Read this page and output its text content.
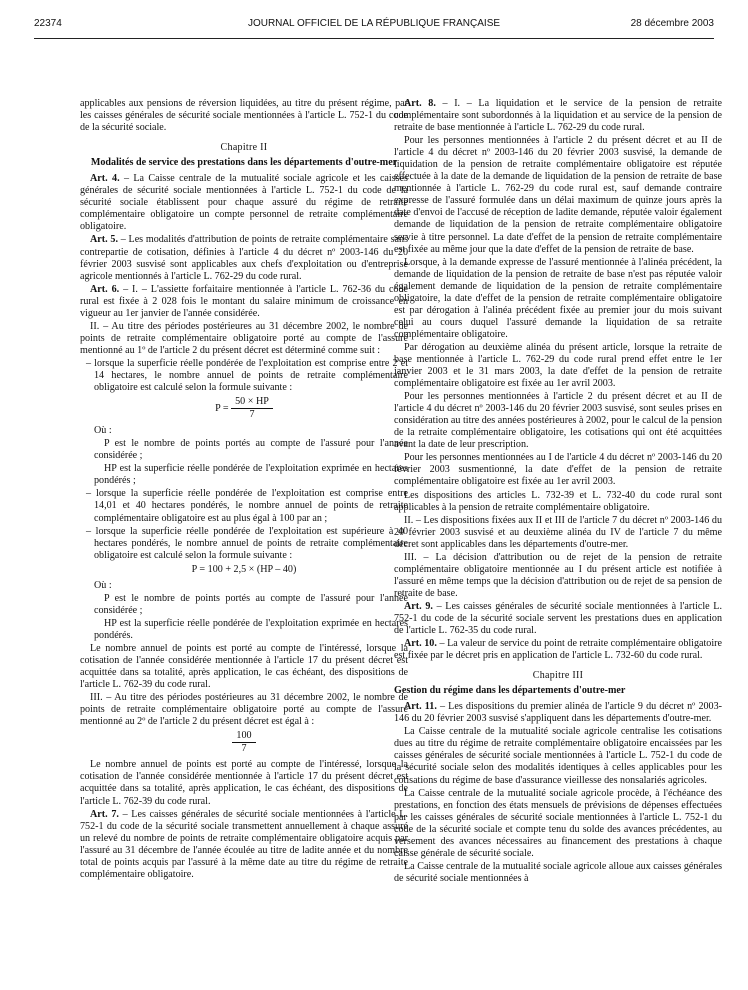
22374	JOURNAL OFFICIEL DE LA RÉPUBLIQUE FRANÇAISE	28 décembre 2003

applicables aux pensions de réversion liquidées, au titre du présent régime, par les caisses générales de sécurité sociale mentionnées à l'article L. 752-1 du code de la sécurité sociale.

Chapitre II
Modalités de service des prestations dans les départements d'outre-mer

Art. 4. – La Caisse centrale de la mutualité sociale agricole et les caisses générales de sécurité sociale mentionnées à l'article L. 752-1 du code de la sécurité sociale établissent pour chaque assuré du régime de retraite complémentaire obligatoire un compte personnel de retraite complémentaire obligatoire.

Art. 5. – Les modalités d'attribution de points de retraite complémentaire sans contrepartie de cotisation, définies à l'article 4 du décret nº 2003-146 du 20 février 2003 susvisé sont applicables aux chefs d'exploitation ou d'entreprise agricole mentionnés à l'article L. 762-29 du code rural.

Art. 6. – I. – L'assiette forfaitaire mentionnée à l'article L. 762-36 du code rural est fixée à 2 028 fois le montant du salaire minimum de croissance en vigueur au 1er janvier de l'année considérée.

II. – Au titre des périodes postérieures au 31 décembre 2002, le nombre de points de retraite complémentaire obligatoire porté au compte de l'assuré mentionné au 1º de l'article 2 du présent décret est déterminé comme suit :

– lorsque la superficie réelle pondérée de l'exploitation est comprise entre 2 et 14 hectares, le nombre annuel de points de retraite complémentaire obligatoire est calculé selon la formule suivante :

$P = \frac{50 \times HP}{7}$

Où :

P est le nombre de points portés au compte de l'assuré pour l'année considérée ;

HP est la superficie réelle pondérée de l'exploitation exprimée en hectares pondérés ;

– lorsque la superficie réelle pondérée de l'exploitation est comprise entre 14,01 et 40 hectares pondérés, le nombre annuel de points de retraite complémentaire obligatoire est au plus égal à 100 par an ;

– lorsque la superficie réelle pondérée de l'exploitation est supérieure à 40 hectares pondérés, le nombre annuel de points de retraite complémentaire obligatoire est calculé selon la formule suivante :

P = 100 + 2,5 × (HP – 40)

Où :

P est le nombre de points portés au compte de l'assuré pour l'année considérée ;

HP est la superficie réelle pondérée de l'exploitation exprimée en hectares pondérés.

Le nombre annuel de points est porté au compte de l'intéressé, lorsque la cotisation de l'année considérée mentionnée à l'article 17 du présent décret est acquittée dans sa totalité, après application, le cas échéant, des dispositions de l'article L. 762-39 du code rural.

III. – Au titre des périodes postérieures au 31 décembre 2002, le nombre de points de retraite complémentaire obligatoire porté au compte de l'assuré mentionné au 2º de l'article 2 du présent décret est égal à :

$\frac{100}{7}$

Le nombre annuel de points est porté au compte de l'intéressé, lorsque la cotisation de l'année considérée mentionnée à l'article 17 du présent décret est acquittée dans sa totalité, après application, le cas échéant, des dispositions de l'article L. 762-39 du code rural.

Art. 7. – Les caisses générales de sécurité sociale mentionnées à l'article L. 752-1 du code de la sécurité sociale transmettent annuellement à chaque assuré un relevé du nombre de points de retraite complémentaire obligatoire acquis par l'assuré au 31 décembre de l'année écoulée au titre de ladite année et du nombre total de points acquis par l'assuré à la même date au titre du régime de retraite complémentaire obligatoire.

Art. 8. – I. – La liquidation et le service de la pension de retraite complémentaire sont subordonnés à la liquidation et au service de la pension de retraite de base mentionnée à l'article L. 762-29 du code rural.

Pour les personnes mentionnées à l'article 2 du présent décret et au II de l'article 4 du décret nº 2003-146 du 20 février 2003 susvisé, la demande de liquidation de la pension de retraite complémentaire obligatoire est réputée effectuée à la date de la demande de liquidation de la pension de retraite de base mentionnée à l'article L. 762-29 du code rural est, sauf demande contraire expresse de l'assuré formulée dans un délai maximum de quinze jours après la date d'envoi de l'accusé de réception de ladite demande, réputée valoir également demande de liquidation de la pension de retraite complémentaire obligatoire servie à titre personnel. La date d'effet de la pension de retraite complémentaire est fixée au même jour que la date d'effet de la pension de retraite de base.

Lorsque, à la demande expresse de l'assuré mentionnée à l'alinéa précédent, la demande de liquidation de la pension de retraite de base n'est pas réputée valoir également demande de liquidation de la pension de retraite complémentaire obligatoire, la date d'effet de la pension de retraite complémentaire obligatoire est par dérogation à l'alinéa précédent fixée au premier jour du mois suivant celui au cours duquel l'assuré demande la liquidation de sa retraite complémentaire obligatoire.

Par dérogation au deuxième alinéa du présent article, lorsque la retraite de base mentionnée à l'article L. 762-29 du code rural prend effet entre le 1er janvier 2003 et le 31 mars 2003, la date d'effet de la pension de retraite complémentaire obligatoire est fixée au 1er avril 2003.

Pour les personnes mentionnées à l'article 2 du présent décret et au II de l'article 4 du décret nº 2003-146 du 20 février 2003 susvisé, sont seules prises en considération au titre des années postérieures à 2002, pour le calcul de la pension de la retraite complémentaire obligatoire, les cotisations qui ont été acquittées avant la date de leur prescription.

Pour les personnes mentionnées au I de l'article 4 du décret nº 2003-146 du 20 février 2003 susmentionné, la date d'effet de la pension de retraite complémentaire obligatoire est fixée au 1er avril 2003.

Les dispositions des articles L. 732-39 et L. 732-40 du code rural sont applicables à la pension de retraite complémentaire obligatoire.

II. – Les dispositions fixées aux II et III de l'article 7 du décret nº 2003-146 du 20 février 2003 susvisé et au deuxième alinéa du IV de l'article 7 du même décret sont applicables dans les départements d'outre-mer.

III. – La décision d'attribution ou de rejet de la pension de retraite complémentaire obligatoire mentionnée au I du présent article est notifiée à l'assuré en même temps que la décision d'attribution ou de rejet de sa pension de retraite de base.

Art. 9. – Les caisses générales de sécurité sociale mentionnées à l'article L. 752-1 du code de la sécurité sociale servent les prestations dues en application de l'article L. 762-35 du code rural.

Art. 10. – La valeur de service du point de retraite complémentaire obligatoire est fixée par le décret pris en application de l'article L. 732-60 du code rural.

Chapitre III
Gestion du régime dans les départements d'outre-mer

Art. 11. – Les dispositions du premier alinéa de l'article 9 du décret nº 2003-146 du 20 février 2003 susvisé s'appliquent dans les départements d'outre-mer.

La Caisse centrale de la mutualité sociale agricole centralise les cotisations dues au titre du régime de retraite complémentaire obligatoire encaissées par les caisses générales de sécurité sociale mentionnées à l'article L. 752-1 du code de la sécurité sociale selon des modalités identiques à celles applicables pour les cotisations du régime de base d'assurance vieillesse des nonsalariés agricoles.

La Caisse centrale de la mutualité sociale agricole procède, à l'échéance des prestations, en fonction des états mensuels de prévisions de dépenses effectuées par les caisses générales de sécurité sociale mentionnées à l'article L. 752-1 du code de la sécurité sociale et compte tenu du solde des avances précédentes, au versement des avances nécessaires au financement des prestations à chaque caisse générale de sécurité sociale.

La Caisse centrale de la mutualité sociale agricole alloue aux caisses générales de sécurité sociale mentionnées à
